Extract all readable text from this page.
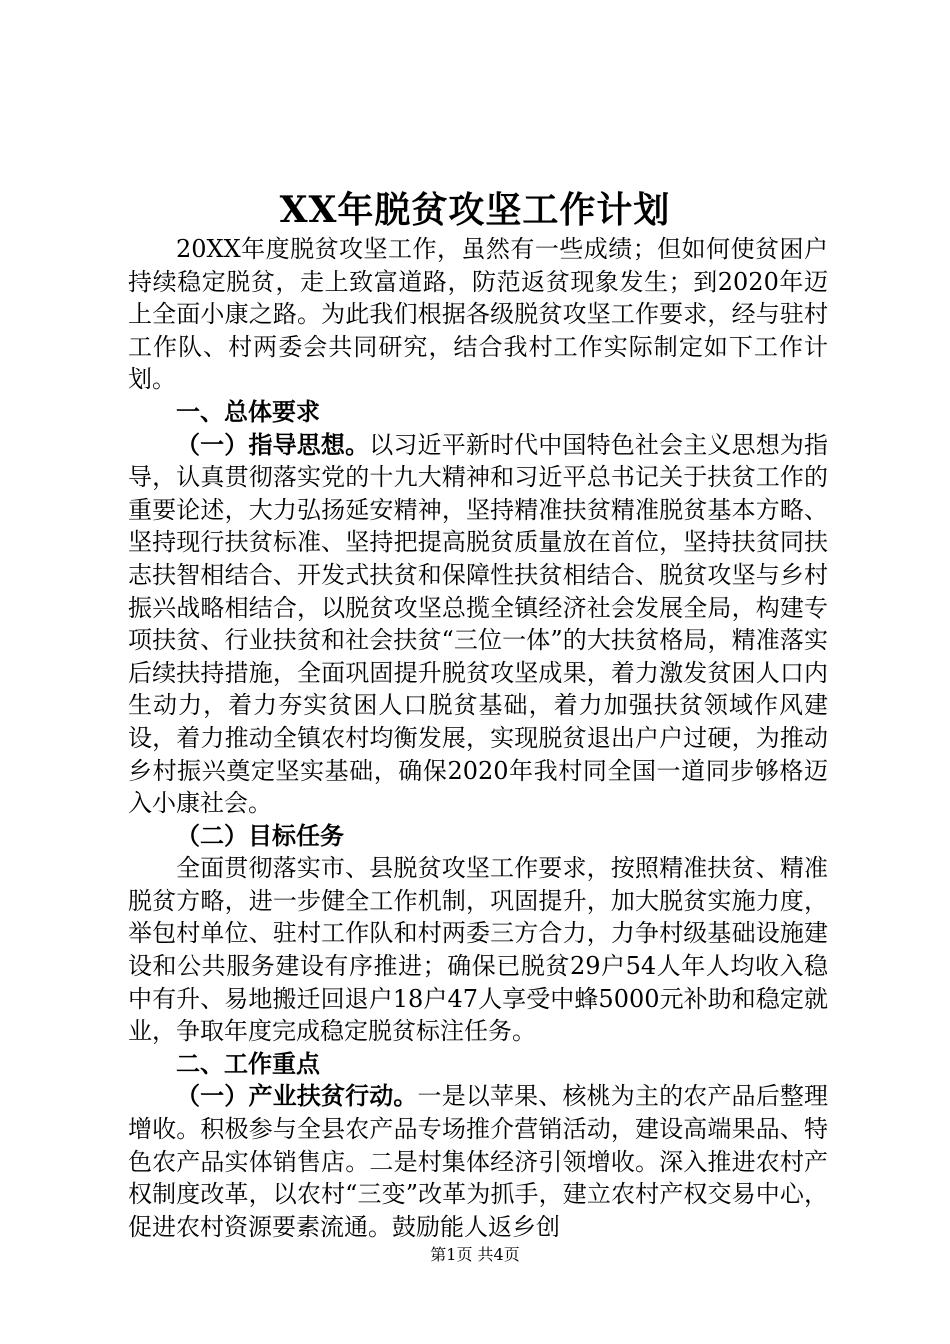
XX年脱贫攻坚工作计划

20XX年度脱贫攻坚工作，虽然有一些成绩；但如何使贫困户持续稳定脱贫，走上致富道路，防范返贫现象发生；到2020年迈上全面小康之路。为此我们根据各级脱贫攻坚工作要求，经与驻村工作队、村两委会共同研究，结合我村工作实际制定如下工作计划。

一、总体要求

（一）指导思想。以习近平新时代中国特色社会主义思想为指导，认真贯彻落实党的十九大精神和习近平总书记关于扶贫工作的重要论述，大力弘扬延安精神，坚持精准扶贫精准脱贫基本方略、坚持现行扶贫标准、坚持把提高脱贫质量放在首位，坚持扶贫同扶志扶智相结合、开发式扶贫和保障性扶贫相结合、脱贫攻坚与乡村振兴战略相结合，以脱贫攻坚总揽全镇经济社会发展全局，构建专项扶贫、行业扶贫和社会扶贫“三位一体”的大扶贫格局，精准落实后续扶持措施，全面巩固提升脱贫攻坚成果，着力激发贫困人口内生动力，着力夯实贫困人口脱贫基础，着力加强扶贫领域作风建设，着力推动全镇农村均衡发展，实现脱贫退出户户过硬，为推动乡村振兴奠定坚实基础，确保2020年我村同全国一道同步够格迈入小康社会。

（二）目标任务

全面贯彻落实市、县脱贫攻坚工作要求，按照精准扶贫、精准脱贫方略，进一步健全工作机制，巩固提升，加大脱贫实施力度，举包村单位、驻村工作队和村两委三方合力，力争村级基础设施建设和公共服务建设有序推进；确保已脱贫29户54人年人均收入稳中有升、易地搬迁回退户18户47人享受中蜂5000元补助和稳定就业，争取年度完成稳定脱贫标注任务。

二、工作重点

（一）产业扶贫行动。一是以苹果、核桃为主的农产品后整理增收。积极参与全县农产品专场推介营销活动，建设高端果品、特色农产品实体销售店。二是村集体经济引领增收。深入推进农村产权制度改革，以农村“三变”改革为抓手，建立农村产权交易中心，促进农村资源要素流通。鼓励能人返乡创

第1页 共4页
